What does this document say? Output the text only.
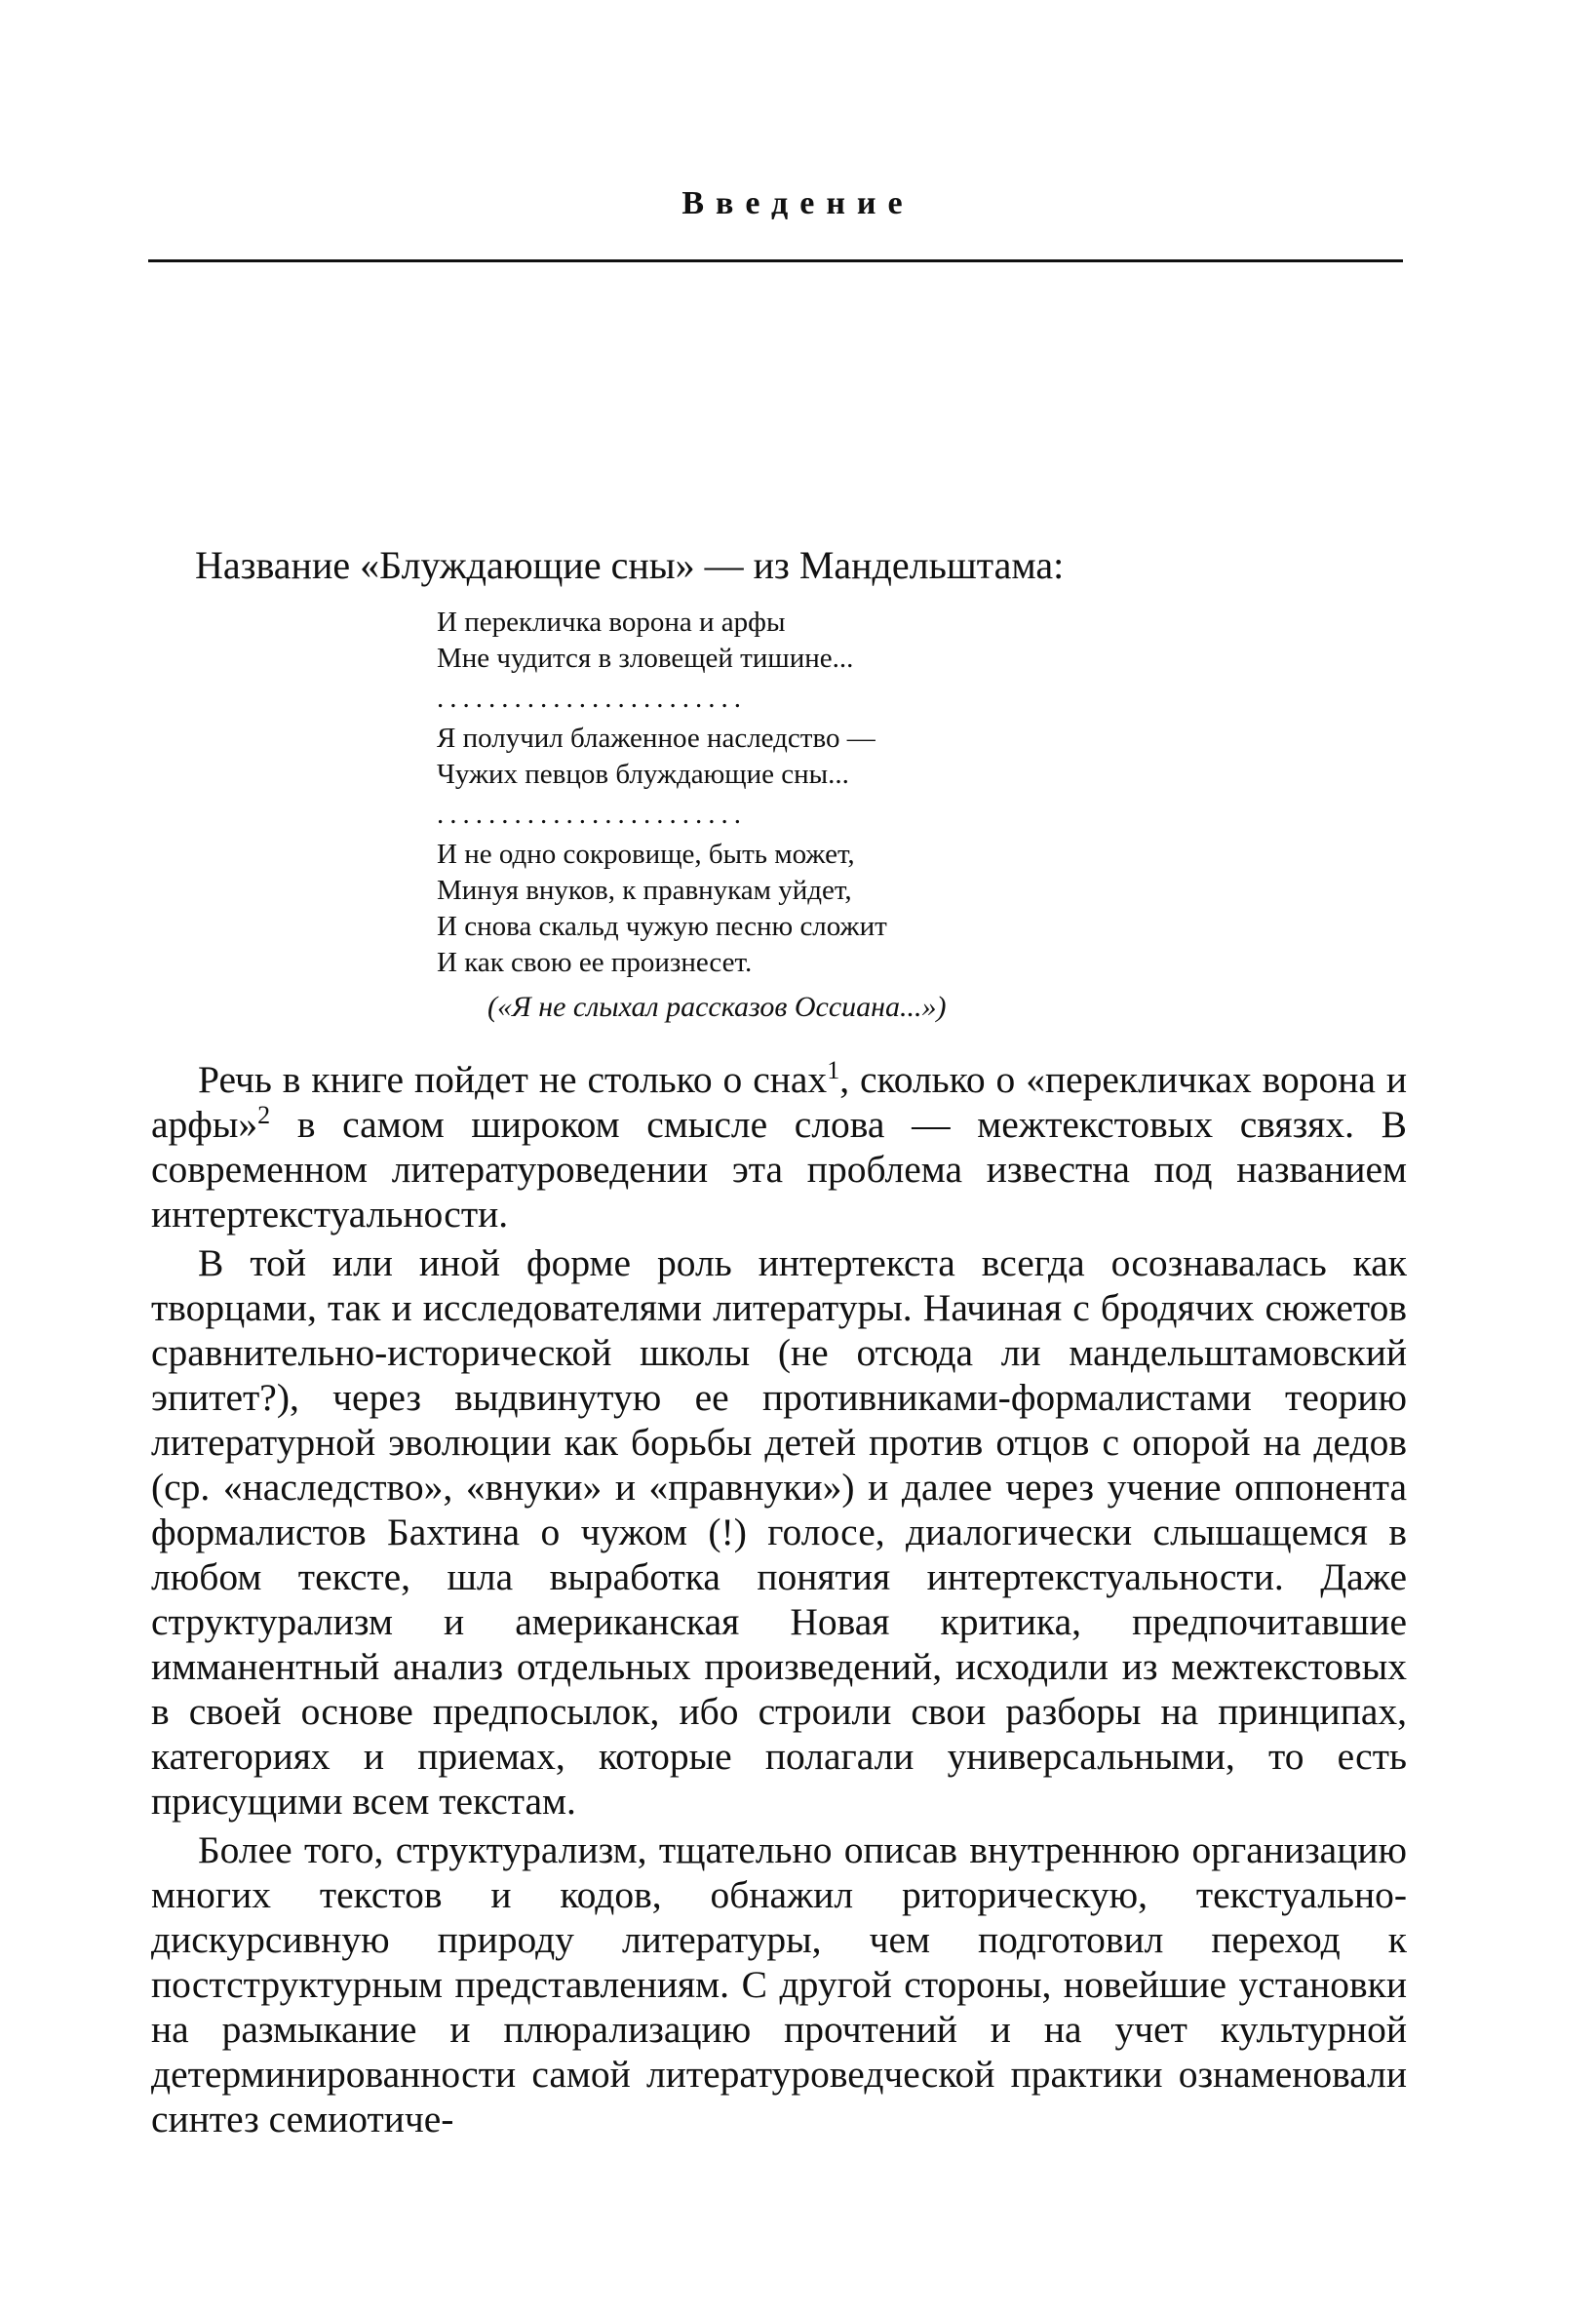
Введение
Название «Блуждающие сны» — из Мандельштама:
И перекличка ворона и арфы
Мне чудится в зловещей тишине...
........................
Я получил блаженное наследство —
Чужих певцов блуждающие сны...
........................
И не одно сокровище, быть может,
Минуя внуков, к правнукам уйдет,
И снова скальд чужую песню сложит
И как свою ее произнесет.
(«Я не слыхал рассказов Оссиана...»)

Речь в книге пойдет не столько о снах$^1$, сколько о «перекличках ворона и арфы»$^2$ в самом широком смысле слова — межтекстовых связях. В современном литературоведении эта проблема известна под названием интертекстуальности.

В той или иной форме роль интертекста всегда осознавалась как творцами, так и исследователями литературы. Начиная с бродячих сюжетов сравнительно-исторической школы (не отсюда ли мандельштамовский эпитет?), через выдвинутую ее противниками-формалистами теорию литературной эволюции как борьбы детей против отцов с опорой на дедов (ср. «наследство», «внуки» и «правнуки») и далее через учение оппонента формалистов Бахтина о чужом (!) голосе, диалогически слышащемся в любом тексте, шла выработка понятия интертекстуальности. Даже структурализм и американская Новая критика, предпочитавшие имманентный анализ отдельных произведений, исходили из межтекстовых в своей основе предпосылок, ибо строили свои разборы на принципах, категориях и приемах, которые полагали универсальными, то есть присущими всем текстам.

Более того, структурализм, тщательно описав внутреннюю организацию многих текстов и кодов, обнажил риторическую, текстуально-дискурсивную природу литературы, чем подготовил переход к постструктурным представлениям. С другой стороны, новейшие установки на размыкание и плюрализацию прочтений и на учет культурной детерминированности самой литературоведческой практики ознаменовали синтез семиотиче-
